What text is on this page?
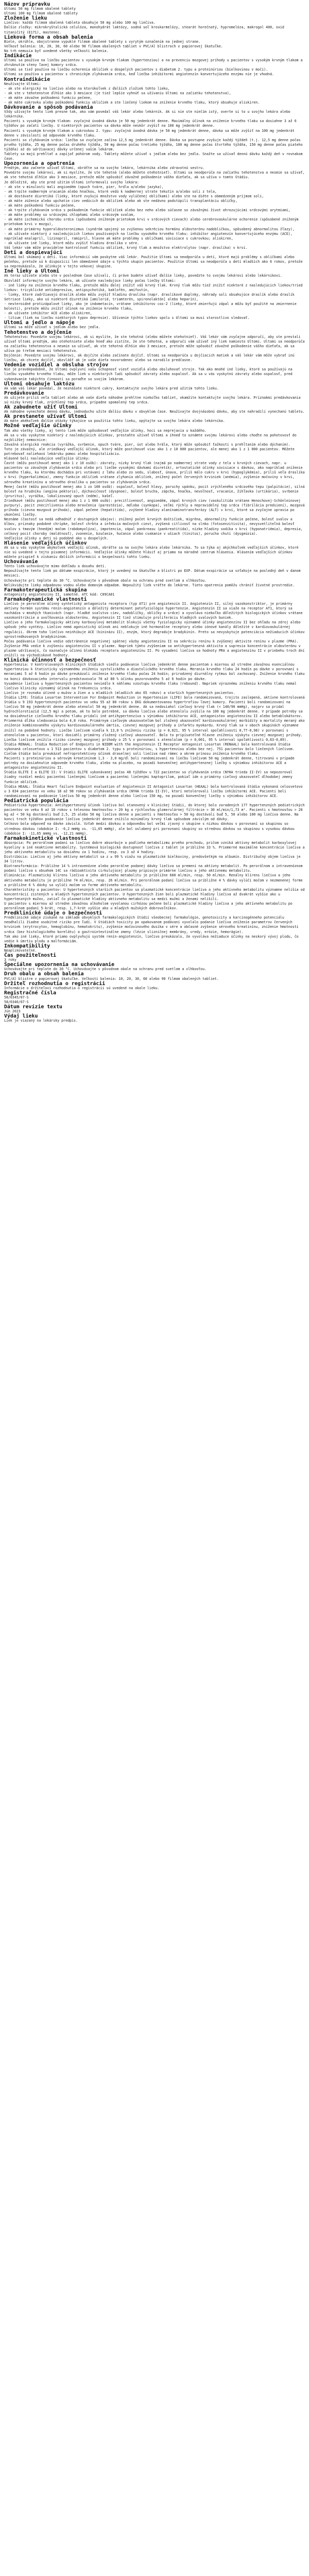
Názov prípravku

Ultomi 50 mg filmom obalené tablety

Ultomi 100 mg filmom obalené tablety

Zloženie lieku

Liečivo: každá filmom obalená tableta obsahuje 50 mg alebo 100 mg liečiva.

Ďalšie zložky: mikrokryštalická celulóza, monohydrát laktózy, sodná soľ kroskarmelózy, stearát horečnatý, hypromelóza, makrogol 400, oxid titaničitý (E171), mastenec.

Lieková forma a obsah balenia

Biele, okrúhle, obojstranne vypuklé filmom obalené tablety s vyrytým označením na jednej strane.

Veľkosť balenia: 10, 20, 30, 60 alebo 90 filmom obalených tabliet v PVC/Al blistroch v papierovej škatuľke.

Na trh nemusia byť uvedené všetky veľkosti balenia.

Indikácie

Ultomi sa používa na liečbu pacientov s vysokým krvným tlakom (hypertenziou) a na prevenciu mozgovej príhody u pacientov s vysokým krvným tlakom a zhrubnutím steny ľavej komory srdca.

Ultomi sa tiež používa na liečbu ochorenia obličiek u dospelých pacientov s diabetom 2. typu a proteinúriou (bielkovinou v moči).

Ultomi sa používa u pacientov s chronickým zlyhávaním srdca, keď liečba inhibítormi angiotenzín konvertujúceho enzýmu nie je vhodná.

Kontraindikácie

Neužívajte Ultomi:

- ak ste alergický na liečivo alebo na ktorúkoľvek z ďalších zložiek tohto lieku,

- ak ste v tehotenstve dlhšie ako 3 mesiace (je tiež lepšie vyhnúť sa užívaniu Ultomi na začiatku tehotenstva),

- ak máte závažne poškodenú funkciu pečene,

- ak máte cukrovku alebo poškodenú funkciu obličiek a ste liečený liekom na zníženie krvného tlaku, ktorý obsahuje aliskiren.

Dávkovanie a spôsob podávania

Vždy užívajte tento liek presne tak, ako vám povedal váš lekár alebo lekárnik. Ak si nie ste niečím istý, overte si to u svojho lekára alebo lekárnika.

Pacienti s vysokým krvným tlakom: zvyčajná úvodná dávka je 50 mg jedenkrát denne. Maximálny účinok na zníženie krvného tlaku sa dosiahne 3 až 6 týždňov po začatí liečby. U niektorých pacientov sa dávka môže neskôr zvýšiť na 100 mg jedenkrát denne.

Pacienti s vysokým krvným tlakom a cukrovkou 2. typu: zvyčajná úvodná dávka je 50 mg jedenkrát denne, dávka sa môže zvýšiť na 100 mg jedenkrát denne v závislosti od odpovede krvného tlaku.

Pacienti so zlyhávaním srdca: liečba sa zvyčajne začína 12,5 mg jedenkrát denne. Dávka sa postupne zvyšuje každý týždeň (t.j. 12,5 mg denne počas prvého týždňa, 25 mg denne počas druhého týždňa, 50 mg denne počas tretieho týždňa, 100 mg denne počas štvrtého týždňa, 150 mg denne počas piateho týždňa) až do udržiavacej dávky určenej vaším lekárom.

Tablety sa majú prehĺtať a zapíjať pohárom vody. Tablety môžete užívať s jedlom alebo bez jedla. Snažte sa užívať dennú dávku každý deň v rovnakom čase.

Upozornenia a opatrenia

Predtým, ako začnete užívať Ultomi, obráťte sa na svojho lekára, lekárnika alebo zdravotnú sestru.

Povedzte svojmu lekárovi, ak si myslíte, že ste tehotná (alebo môžete otehotnieť). Ultomi sa neodporúča na začiatku tehotenstva a nesmie sa užívať, ak ste tehotná dlhšie ako 3 mesiace, pretože môže spôsobiť závažné poškodenie vášho dieťaťa, ak sa užíva v tomto štádiu.

Je dôležité, aby ste pred užitím Ultomi informovali svojho lekára:

- ak ste v minulosti mali angioedém (opuch tváre, pier, hrdla a/alebo jazyka),

- ak trpíte nadmerným vracaním alebo hnačkou, ktoré vedú k nadmernej strate tekutín a/alebo soli z tela,

- ak dostávate diuretiká (lieky, ktoré zvyšujú množstvo vody vylúčenej obličkami) alebo ste na diéte s obmedzeným príjmom soli,

- ak máte zúženie alebo upchatie ciev vedúcich do obličiek alebo ak ste nedávno podstúpili transplantáciu obličky,

- ak máte poškodenú funkciu pečene,

- ak trpíte zlyhávaním srdca s poškodením funkcie obličiek alebo bez neho alebo súčasne so závažnými život ohrozujúcimi srdcovými arytmiami,

- ak máte problémy so srdcovými chlopňami alebo srdcovým svalom,

- ak máte ischemickú chorobu srdca (spôsobenú zníženým prietokom krvi v srdcových cievach) alebo cerebrovaskulárne ochorenie (spôsobené zníženým prietokom krvi v mozgu),

- ak máte primárny hyperaldosteronizmus (syndróm spojený so zvýšenou sekréciou hormónu aldosterónu nadobličkou, spôsobený abnormalitou žľazy),

- ak užívate niektorý z nasledujúcich liekov používaných na liečbu vysokého krvného tlaku: inhibítor angiotenzín konvertujúceho enzýmu (ACE), napríklad enalapril, lizinopril, ramipril, hlavne ak máte problémy s obličkami súvisiace s cukrovkou; aliskiren,

- ak užívate iné lieky, ktoré môžu zvýšiť hladinu draslíka v sére.

Váš lekár vám môže pravidelne kontrolovať funkciu obličiek, krvný tlak a množstvo elektrolytov (napr. draslíka) v krvi.

Deti a dospievajúci

Ultomi bol skúmaný u detí. Viac informácií vám poskytne váš lekár. Použitie Ultomi sa neodporúča u detí, ktoré majú problémy s obličkami alebo pečeňou, pretože sú k dispozícii len obmedzené údaje u týchto skupín pacientov. Použitie Ultomi sa neodporúča u detí mladších ako 6 rokov, pretože sa nepreukázalo, že účinkuje v tejto vekovej skupine.

Iné lieky a Ultomi

Ak teraz užívate alebo ste v poslednom čase užívali, či práve budete užívať ďalšie lieky, povedzte to svojmu lekárovi alebo lekárnikovi.

Obzvlášť informujte svojho lekára, ak užívate nasledujúce lieky počas liečby Ultomi:

- iné lieky na zníženie krvného tlaku, pretože môžu ďalej znížiť váš krvný tlak. Krvný tlak môžu tiež znížiť niektoré z nasledujúcich liekov/tried liekov: tricyklické antidepresíva, antipsychotiká, baklofén, amifostín,

- lieky, ktoré zadržiavajú draslík alebo môžu zvýšiť hladinu draslíka (napr. draslíkové doplnky, náhrady soli obsahujúce draslík alebo draslík šetriace lieky, ako sú niektoré diuretiká [amilorid, triamterén, spironolaktón] alebo heparín),

- nesteroidné protizápalové lieky, ako je indometacín, vrátane inhibítorov cox-2 (lieky, ktoré zmierňujú zápal a môžu byť použité na zmiernenie bolesti), pretože môžu znížiť účinok na zníženie krvného tlaku,

- ak užívate inhibítor ACE alebo aliskiren,

- lítium (liek na liečbu niektorých typov depresie). Užívanie týchto liekov spolu s Ultomi sa musí starostlivo sledovať.

Ultomi a jedlo a nápoje

Ultomi sa môže užívať s jedlom alebo bez jedla.

Tehotenstvo a dojčenie

Tehotenstvo: Povedzte svojmu lekárovi, ak si myslíte, že ste tehotná (alebo môžete otehotnieť). Váš lekár vám zvyčajne odporučí, aby ste prestali užívať Ultomi predtým, ako otehotniete alebo hneď ako zistíte, že ste tehotná, a odporučí vám užívať iný liek namiesto Ultomi. Ultomi sa neodporúča na začiatku tehotenstva a nesmie sa užívať, ak ste tehotná dlhšie ako 3 mesiace, pretože môže spôsobiť závažné poškodenie vášho dieťaťa, ak sa užíva po treťom mesiaci tehotenstva.

Dojčenie: Povedzte svojmu lekárovi, ak dojčíte alebo začínate dojčiť. Ultomi sa neodporúča u dojčiacich matiek a váš lekár vám môže vybrať inú liečbu, ak chcete dojčiť, obzvlášť ak je vaše dieťa novorodenec alebo sa narodilo predčasne.

Vedenie vozidiel a obsluha strojov

Nie je pravdepodobné, že Ultomi ovplyvní vašu schopnosť viesť vozidlá alebo obsluhovať stroje. Tak ako mnohé iné lieky, ktoré sa používajú na liečbu vysokého krvného tlaku, môže liek u niektorých ľudí spôsobiť závraty alebo ospalosť. Ak sa u vás vyskytnú závraty alebo ospalosť, pred vykonávaním takýchto činností sa poraďte so svojím lekárom.

Ultomi obsahuje laktózu

Ak vám váš lekár povedal, že neznášate niektoré cukry, kontaktujte svojho lekára pred užitím tohto lieku.

Predávkovanie

Ak užijete príliš veľa tabliet alebo ak vaše dieťa náhodne prehltne niekoľko tabliet, okamžite kontaktujte svojho lekára. Príznakmi predávkovania sú nízky krvný tlak, zrýchlený tep srdca, prípadne spomalený tep srdca.

Ak zabudnete užiť Ultomi

Ak náhodne vynecháte dennú dávku, jednoducho užite ďalšiu dávku v obvyklom čase. Neužívajte dvojnásobnú dávku, aby ste nahradili vynechanú tabletu.

Ak prestanete užívať Ultomi

Ak máte akékoľvek ďalšie otázky týkajúce sa použitia tohto lieku, opýtajte sa svojho lekára alebo lekárnika.

Možné vedľajšie účinky

Tak ako všetky lieky, aj tento liek môže spôsobovať vedľajšie účinky, hoci sa neprejavia u každého.

Ak sa u vás vyskytne niektorý z nasledujúcich účinkov, prestaňte užívať Ultomi a ihneď to oznámte svojmu lekárovi alebo choďte na pohotovosť do najbližšej nemocnice:

Závažná alergická reakcia (vyrážka, svrbenie, opuch tváre, pier, úst alebo hrdla, ktorý môže spôsobiť ťažkosti s prehĺtaním alebo dýchaním).

Toto je závažný, ale zriedkavý vedľajší účinok, ktorý môže postihovať viac ako 1 z 10 000 pacientov, ale menej ako 1 z 1 000 pacientov. Môžete potrebovať naliehavú lekársku pomoc alebo hospitalizáciu.

Hlásené boli nasledujúce vedľajšie účinky:

Časté (môžu postihovať menej ako 1 z 10 osôb): závraty, nízky krvný tlak (najmä po nadmernej strate vody z tela v krvných cievach, napr. u pacientov so závažným zlyhávaním srdca alebo pri liečbe vysokými dávkami diuretík), ortostatické účinky súvisiace s dávkou, ako napríklad zníženie krvného tlaku, ku ktorému dochádza pri vstávaní z ľahu alebo zo sedu, slabosť, únava, príliš málo cukru v krvi (hypoglykémia), príliš veľa draslíka v krvi (hyperkaliémia), zmeny funkcie obličiek vrátane zlyhania obličiek, znížený počet červených krviniek (anémia), zvýšenie močoviny v krvi, sérového kreatinínu a sérového draslíka u pacientov so zlyhávaním srdca.

Menej časté (môžu postihovať menej ako 1 zo 100 osôb): ospalosť, bolesť hlavy, poruchy spánku, pocit zrýchleného srdcového tepu (palpitácie), silná bolesť na hrudníku (angína pektoris), dýchavičnosť (dyspnoe), bolesť brucha, zápcha, hnačka, nevoľnosť, vracanie, žihľavka (urtikária), svrbenie (pruritus), vyrážka, lokalizovaný opuch (edém), kašeľ.

Zriedkavé (môžu postihovať menej ako 1 z 1 000 osôb): precitlivenosť, angioedém, zápal krvných ciev (vaskulitída vrátane Henochovej-Schönleinovej purpury), pocit znecitlivenia alebo mravčenia (parestézia), mdloba (synkopa), veľmi rýchly a nepravidelný tep srdca (fibrilácia predsiení), mozgová príhoda (cievna mozgová príhoda), zápal pečene (hepatitída), zvýšené hladiny alanínaminotransferázy (ALT) v krvi, ktoré sa zvyčajne upravia po ukončení liečby.

Neznáme (častosť sa nedá odhadnúť z dostupných údajov): znížený počet krvných doštičiek, migréna, abnormality funkcie pečene, bolesť svalov a kĺbov, príznaky podobné chrípke, bolesť chrbta a infekcia močových ciest, zvýšená citlivosť na slnko (fotosenzitivita), nevysvetliteľná bolesť svalov s tmavým (hnedým) močom (rabdomyolýza), impotencia, zápal pankreasu (pankreatitída), nízke hladiny sodíka v krvi (hyponatriémia), depresia, celkový pocit choroby (malátnosť), zvonenie, bzučanie, hučanie alebo cvakanie v ušiach (tinitus), porucha chuti (dysgeúzia).

Vedľajšie účinky u detí sú podobné ako u dospelých.

Hlásenie vedľajších účinkov

Ak sa u vás vyskytne akýkoľvek vedľajší účinok, obráťte sa na svojho lekára alebo lekárnika. To sa týka aj akýchkoľvek vedľajších účinkov, ktoré nie sú uvedené v tejto písomnej informácii. Vedľajšie účinky môžete hlásiť aj priamo na národné centrum hlásenia. Hlásením vedľajších účinkov môžete prispieť k získaniu ďalších informácií o bezpečnosti tohto lieku.

Uchovávanie

Tento liek uchovávajte mimo dohľadu a dosahu detí.

Nepoužívajte tento liek po dátume exspirácie, ktorý je uvedený na škatuľke a blistri po EXP. Dátum exspirácie sa vzťahuje na posledný deň v danom mesiaci.

Uchovávajte pri teplote do 30 °C. Uchovávajte v pôvodnom obale na ochranu pred svetlom a vlhkosťou.

Nelikvidujte lieky odpadovou vodou alebo domovým odpadom. Nepoužitý liek vráťte do lekárne. Tieto opatrenia pomôžu chrániť životné prostredie.

Farmakoterapeutická skupina

Antagonisty angiotenzínu II, samotné. ATC kód: C09CA01

Farmakodynamické vlastnosti

Liečivo je perorálne účinný syntetický antagonista receptora (typ AT1) pre angiotenzín II. Angiotenzín II, silný vazokonstriktor, je primárny aktívny hormón systému renín-angiotenzín a dôležitý determinant patofyziológie hypertenzie. Angiotenzín II sa viaže na receptor AT1, ktorý sa nachádza v mnohých tkanivách (napr. hladké svalstvo ciev, nadobličky, obličky a srdce) a vyvoláva niekoľko dôležitých biologických účinkov vrátane vazokonštrikcie a uvoľňovania aldosterónu. Angiotenzín II tiež stimuluje proliferáciu hladkých svalových buniek.

Liečivo a jeho farmakologicky aktívny karboxylový metabolit blokujú všetky fyziologicky významné účinky angiotenzínu II bez ohľadu na zdroj alebo spôsob jeho syntézy. Liečivo nemá agonistický účinok ani neblokuje iné hormonálne receptory alebo iónové kanály dôležité v kardiovaskulárnej regulácii. Okrem toho liečivo neinhibuje ACE (kininázu II), enzým, ktorý degraduje bradykinín. Preto sa nevyskytuje potenciácia nežiaducich účinkov sprostredkovaných bradykinínom.

Počas podávania liečiva vedie odstránenie negatívnej spätnej väzby angiotenzínu II na sekréciu renínu k zvýšenej aktivite renínu v plazme (PRA). Zvýšenie PRA vedie k zvýšeniu angiotenzínu II v plazme. Napriek týmto zvýšeniam sa antihypertenzná aktivita a supresia koncentrácie aldosterónu v plazme udržiavajú, čo naznačuje účinnú blokádu receptora angiotenzínu II. Po vysadení liečiva sa hodnoty PRA a angiotenzínu II v priebehu troch dní znížili na východiskové hodnoty.

Klinická účinnosť a bezpečnosť

Hypertenzia: V kontrolovaných klinických štúdiách viedlo podávanie liečiva jedenkrát denne pacientom s miernou až stredne závažnou esenciálnou hypertenziou k štatisticky významnému zníženiu systolického a diastolického krvného tlaku. Merania krvného tlaku 24 hodín po dávke v porovnaní s meraniami 5 až 6 hodín po dávke preukázali zníženie krvného tlaku počas 24 hodín; prirodzený diurnálny rytmus bol zachovaný. Zníženie krvného tlaku na konci dávkovacieho intervalu predstavovalo 70 až 80 % účinku pozorovaného 5 až 6 hodín po dávke.

Vysadenie liečiva u hypertenzných pacientov neviedlo k náhlemu vzostupu krvného tlaku (rebound). Napriek výraznému zníženiu krvného tlaku nemal liečivo klinicky významný účinok na frekvenciu srdca.

Liečivo je rovnako účinné u mužov a žien a u mladších (mladších ako 65 rokov) a starších hypertenzných pacientov.

Štúdia LIFE: Štúdia Losartan Intervention For Endpoint Reduction in Hypertension (LIFE) bola randomizovaná, trojito zaslepená, aktívne kontrolovaná štúdia u 9 193 hypertenzných pacientov vo veku 55 až 80 rokov s EKG dokumentovanou hypertrofiou ľavej komory. Pacienti boli randomizovaní na liečivo 50 mg jedenkrát denne alebo atenolol 50 mg jedenkrát denne. Ak sa nedosiahol cieľový krvný tlak (< 140/90 mmHg), najprv sa pridal hydrochlorotiazid (12,5 mg) a potom, ak to bolo potrebné, sa dávka liečiva alebo atenololu zvýšila na 100 mg jedenkrát denne. V prípade potreby sa na dosiahnutie cieľového krvného tlaku pridali iné antihypertenzíva s výnimkou inhibítorov ACE, antagonistov angiotenzínu II alebo betablokátorov.

Priemerná dĺžka sledovania bola 4,8 roka. Primárnym cieľovým ukazovateľom bol zložený ukazovateľ kardiovaskulárnej morbidity a mortality meraný ako zníženie kombinovaného výskytu kardiovaskulárneho úmrtia, cievnej mozgovej príhody a infarktu myokardu. Krvný tlak sa v oboch skupinách významne znížil na podobné hodnoty. Liečba liečivom viedla k 13,0 % zníženiu rizika (p = 0,021, 95 % interval spoľahlivosti 0,77-0,98) v porovnaní s atenololom u pacientov, ktorí dosiahli primárny zložený cieľový ukazovateľ. Bolo to pripísateľné hlavne zníženiu výskytu cievnej mozgovej príhody. Liečba liečivom znížila riziko cievnej mozgovej príhody o 25 % v porovnaní s atenololom (p = 0,001, 95 % interval spoľahlivosti 0,63-0,89).

Štúdia RENAAL: Štúdia Reduction of Endpoints in NIDDM with the Angiotensin II Receptor Antagonist Losartan (RENAAL) bola kontrolovaná štúdia vykonaná celosvetovo u 1 513 pacientov s diabetom 2. typu s proteinúriou, s hypertenziou alebo bez nej. 751 pacientov bolo liečených liečivom. Cieľom štúdie bolo preukázať nefroprotektívny účinok draselnej soli liečiva nad rámec a okrem prínosu zníženia krvného tlaku.

Pacienti s proteinúriou a sérovým kreatinínom 1,3 - 3,0 mg/dl boli randomizovaní na liečbu liečivom 50 mg jedenkrát denne, titrovanú v prípade potreby na dosiahnutie odpovede krvného tlaku, alebo na placebo, na pozadí konvenčnej antihypertenznej liečby s výnimkou inhibítorov ACE a antagonistov angiotenzínu II.

Štúdia ELITE I a ELITE II: V štúdii ELITE vykonávanej počas 48 týždňov u 722 pacientov so zlyhávaním srdca (NYHA trieda II-IV) sa nepozoroval žiadny rozdiel medzi pacientmi liečenými liečivom a pacientmi liečenými kaptoprilom, pokiaľ ide o primárny cieľový ukazovateľ dlhodobej zmeny funkcie obličiek.

Štúdia HEAAL: Štúdia Heart failure Endpoint evaluation of Angiotensin II Antagonist Losartan (HEAAL) bola kontrolovaná štúdia vykonaná celosvetovo u 3 834 pacientov vo veku 18 až 98 rokov so zlyhávaním srdca (NYHA trieda II-IV), ktorí netolerovali liečbu inhibítormi ACE. Pacienti boli randomizovaní na podávanie liečiva 50 mg jedenkrát denne alebo liečiva 150 mg, na pozadí konvenčnej liečby s výnimkou inhibítorov ACE.

Pediatrická populácia

Pediatrická hypertenzia: Antihypertenzný účinok liečiva bol stanovený v klinickej štúdii, do ktorej bolo zaradených 177 hypertenzných pediatrických pacientov vo veku 6 až 16 rokov s telesnou hmotnosťou > 20 kg a rýchlosťou glomerulárnej filtrácie > 30 ml/min/1,73 m². Pacienti s hmotnosťou > 20 kg až < 50 kg dostávali buď 2,5, 25 alebo 50 mg liečiva denne a pacienti s hmotnosťou > 50 kg dostávali buď 5, 50 alebo 100 mg liečiva denne. Na konci troch týždňov podávanie liečiva jedenkrát denne znížilo minimálny krvný tlak spôsobom závislým od dávky.

Celkovo bola odpoveď na dávke závislá. Vzťah medzi dávkou a odpoveďou bol veľmi zjavný v skupine s nízkou dávkou v porovnaní so skupinou so strednou dávkou (obdobie I: -6,2 mmHg vs. -11,65 mmHg), ale bol oslabený pri porovnaní skupiny so strednou dávkou so skupinou s vysokou dávkou (obdobie I: -11,65 mmHg vs. -12,21 mmHg).

Farmakokinetické vlastnosti

Absorpcia: Po perorálnom podaní sa liečivo dobre absorbuje a podlieha metabolizmu prvého prechodu, pričom vzniká aktívny metabolit karboxylovej kyseliny a iné neaktívne metabolity. Systémová biologická dostupnosť liečiva z tablet je približne 33 %. Priemerné maximálne koncentrácie liečiva a jeho aktívneho metabolitu sa dosiahnu za 1 hodinu, resp. za 3 až 4 hodiny.

Distribúcia: Liečivo aj jeho aktívny metabolit sa z ≥ 99 % viažu na plazmatické bielkoviny, predovšetkým na albumín. Distribučný objem liečiva je 34 litrov.

Biotransformácia: Približne 14 % intravenózne alebo perorálne podanej dávky liečiva sa premení na aktívny metabolit. Po perorálnom a intravenóznom podaní liečiva s obsahom 14C sa rádioaktivita cirkulujúcej plazmy pripisuje primárne liečivu a jeho aktívnemu metabolitu.

Eliminácia: Plazmatický klírens liečiva a jeho aktívneho metabolitu je približne 600 ml/min, resp. 50 ml/min. Renálny klírens liečiva a jeho aktívneho metabolitu je približne 74 ml/min, resp. 26 ml/min. Pri perorálnom podaní liečiva sa približne 4 % dávky vylúči močom v nezmenenej forme a približne 6 % dávky sa vylúči močom vo forme aktívneho metabolitu.

Charakteristiky u pacientov: U hypertenzných starších pacientov sa plazmatické koncentrácie liečiva a jeho aktívneho metabolitu významne nelíšia od koncentrácií zistených u mladých hypertenzných pacientov. U hypertenzných žien boli plazmatické hladiny liečiva až dvakrát vyššie ako u hypertenzných mužov, zatiaľ čo plazmatické hladiny aktívneho metabolitu sa medzi mužmi a ženami nelíšili.

U pacientov s miernou až stredne závažnou alkoholom vyvolanou cirhózou pečene boli plazmatické hladiny liečiva a jeho aktívneho metabolitu po perorálnom podaní 5-krát, resp. 1,7-krát vyššie ako u mladých mužských dobrovoľníkov.

Predklinické údaje o bezpečnosti

Predklinické údaje získané na základe obvyklých farmakologických štúdií všeobecnej farmakológie, genotoxicity a karcinogénneho potenciálu neodhalili žiadne osobitné riziko pre ľudí. V štúdiách toxicity po opakovanom podávaní vyvolalo podanie liečiva zníženie parametrov červených krviniek (erytrocytov, hemoglobínu, hematokritu), zvýšenie močovinového dusíka v sére a občasné zvýšenie sérového kreatinínu, zníženie hmotnosti srdca (bez histologického korelátu) a gastrointestinálne zmeny (lézie slizničnej membrány, vredy, erózie, hemorágie).

Tak ako iné lieky, ktoré priamo ovplyvňujú systém renín-angiotenzín, liečivo preukázalo, že vyvoláva nežiaduce účinky na neskorý vývoj plodu, čo vedie k úmrtiu plodu a malformáciám.

Inkompatibility

Neaplikovateľné.

Čas použiteľnosti

3 roky

Špeciálne upozornenia na uchovávanie

Uchovávajte pri teplote do 30 °C. Uchovávajte v pôvodnom obale na ochranu pred svetlom a vlhkosťou.

Druh obalu a obsah balenia

PVC/Al blistre v papierovej škatuľke. Veľkosti balenia: 10, 20, 30, 60 alebo 90 filmom obalených tabliet.

Držiteľ rozhodnutia o registrácii

Informácie o držiteľovi rozhodnutia o registrácii sú uvedené na obale lieku.

Registračné čísla

58/0345/07-S

58/0346/07-S

Dátum revízie textu

Jún 2023

Výdaj lieku

Liek je viazaný na lekársky predpis.
